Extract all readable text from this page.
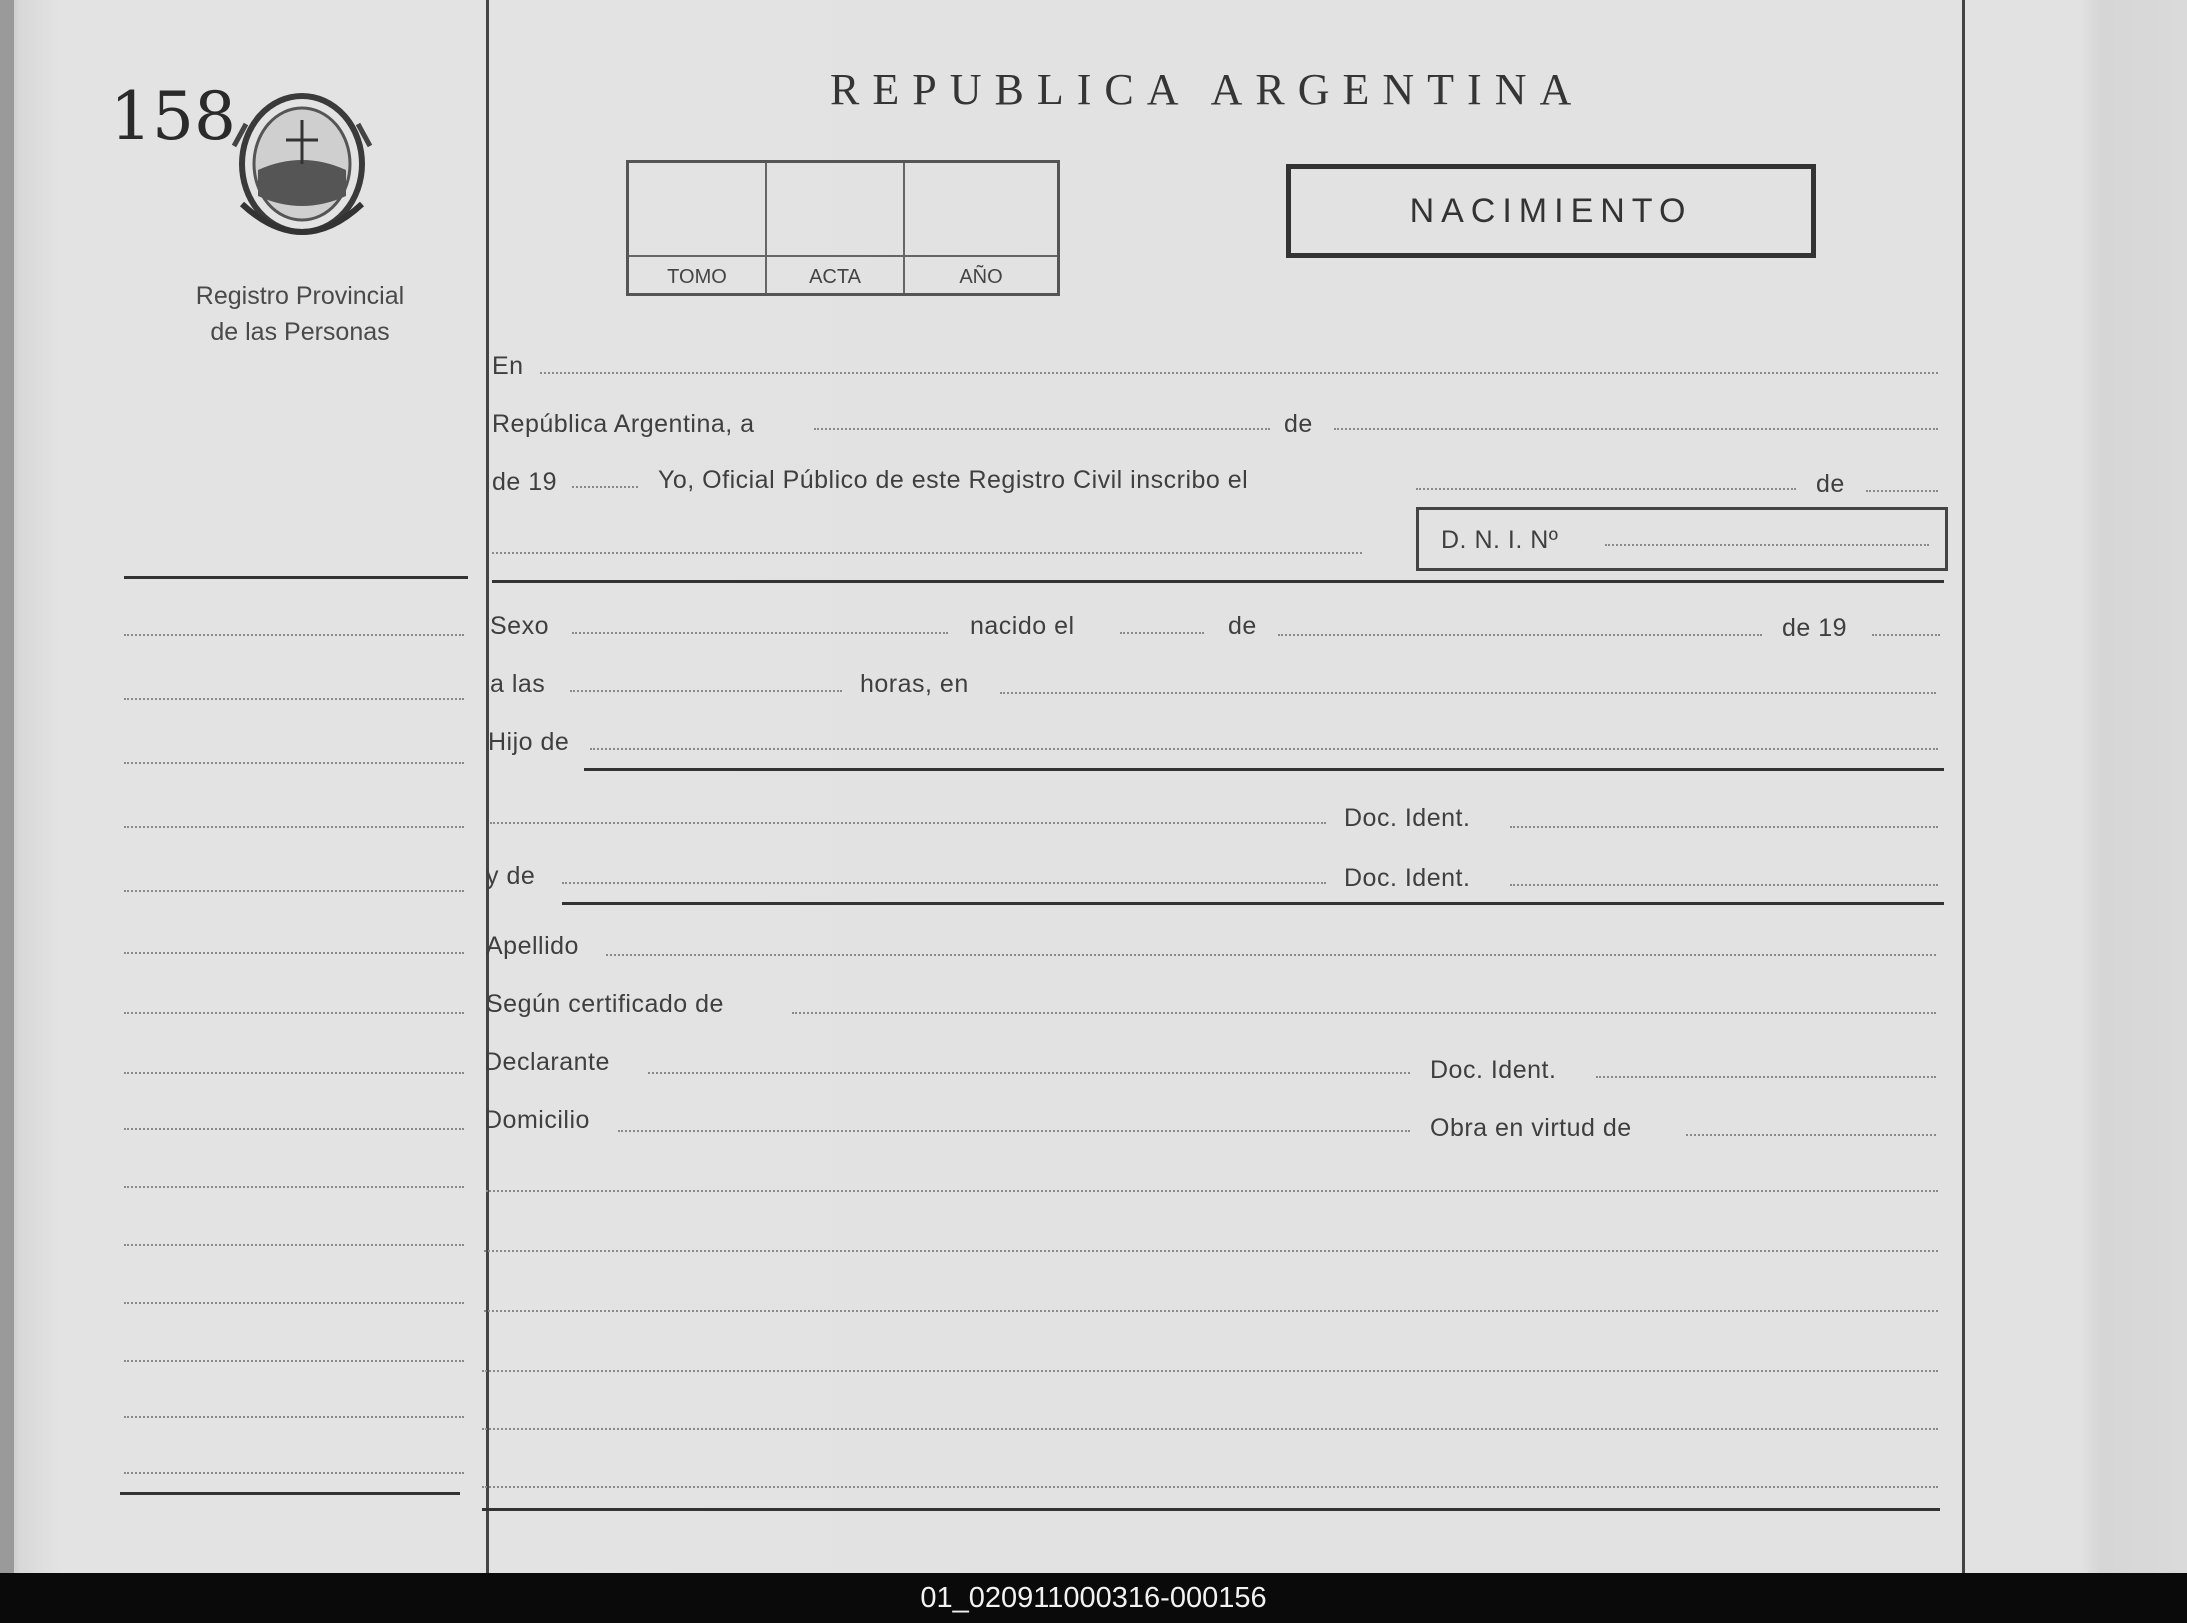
158
Registro Provincial
de las Personas
REPUBLICA ARGENTINA
TOMO	ACTA	AÑO
NACIMIENTO
En
República Argentina, a	de
de 19	Yo, Oficial Público de este Registro Civil inscribo el	de
D. N. I. Nº
Sexo	nacido el	de	de 19
a las	horas, en
Hijo de
Doc. Ident.
y de	Doc. Ident.
Apellido
Según certificado de
Declarante	Doc. Ident.
Domicilio	Obra en virtud de
01_020911000316-000156
